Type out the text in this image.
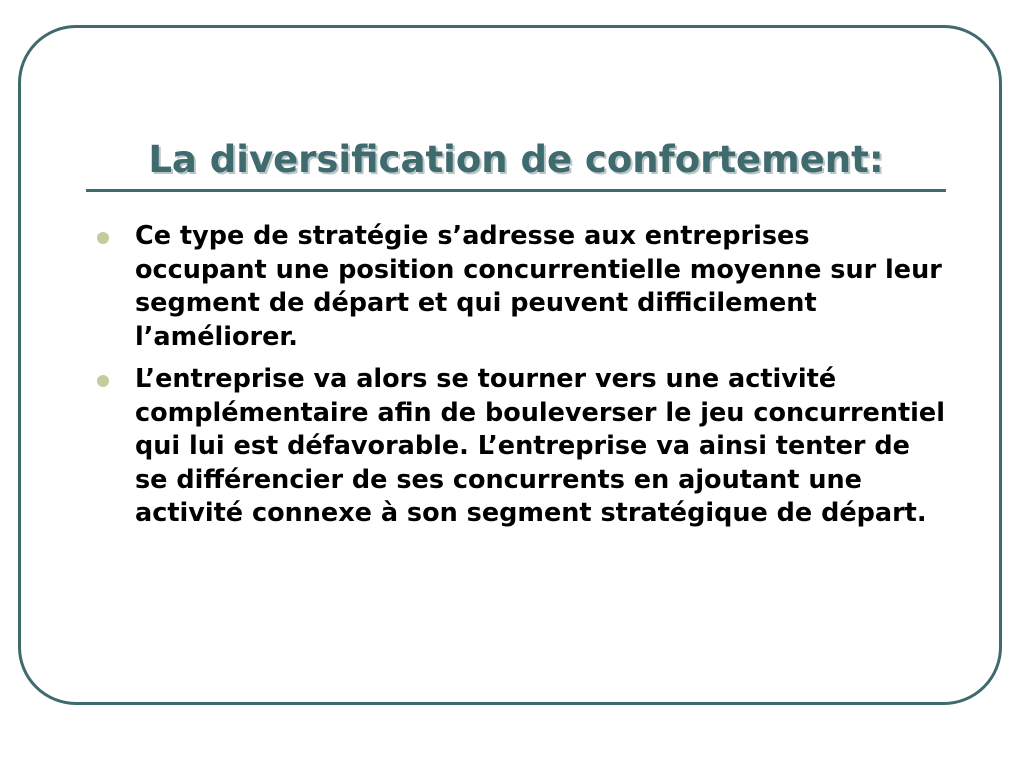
La diversification de confortement:
Ce type de stratégie s’adresse aux entreprises occupant une position concurrentielle moyenne sur leur segment de départ et qui peuvent difficilement l’améliorer.
L’entreprise va alors se tourner vers une activité complémentaire afin de bouleverser le jeu concurrentiel qui lui est défavorable. L’entreprise va ainsi tenter de se différencier de ses concurrents en ajoutant une activité connexe à son segment stratégique de départ.
